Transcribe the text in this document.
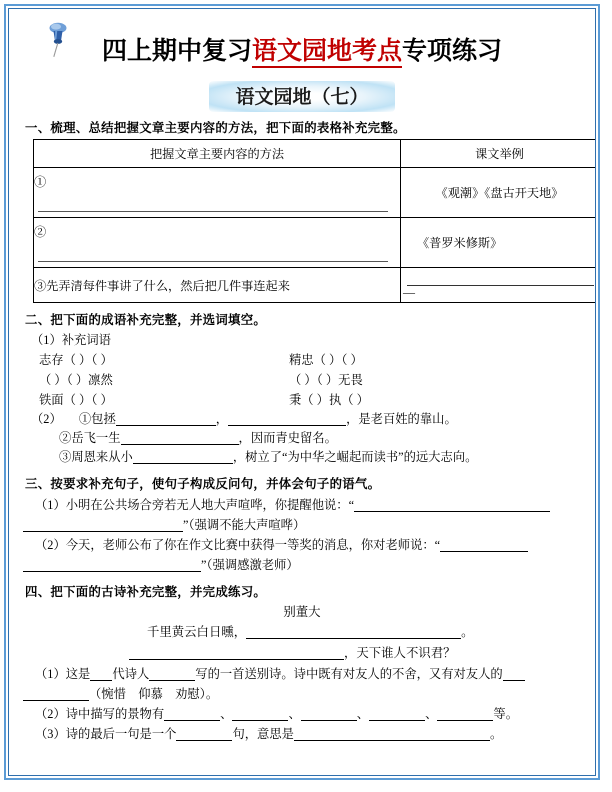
四上期中复习语文园地考点专项练习
语文园地（七）
一、梳理、总结把握文章主要内容的方法，把下面的表格补充完整。
把握文章主要内容的方法	课文举例

①	《观潮》《盘古开天地》

②	《普罗米修斯》
③先弄清每件事讲了什么，然后把几件事连起来	—
二、把下面的成语补充完整，并选词填空。
（1）补充词语
志存（ ）（ ）	精忠（ ）（ ）
（ ）（ ）凛然	（ ）（ ）无畏
铁面（ ）（ ）	秉（ ）执（ ）
（2） ①包拯	，	，是老百姓的靠山。
②岳飞一生	，因而青史留名。
③周恩来从小	，树立了“为中华之崛起而读书”的远大志向。
三、按要求补充句子，使句子构成反问句，并体会句子的语气。
（1）小明在公共场合旁若无人地大声喧哗，你提醒他说：“
”（强调不能大声喧哗）
（2）今天，老师公布了你在作文比赛中获得一等奖的消息，你对老师说：“
”（强调感激老师）
四、把下面的古诗补充完整，并完成练习。
别董大
千里黄云白日曛，	。
，天下谁人不识君？
（1）这是 代诗人	写的一首送别诗。诗中既有对友人的不舍，又有对友人的
（惋惜　仰慕　劝慰）。
（2）诗中描写的景物有	、	、	、	、	等。
（3）诗的最后一句是一个	句，意思是	。
